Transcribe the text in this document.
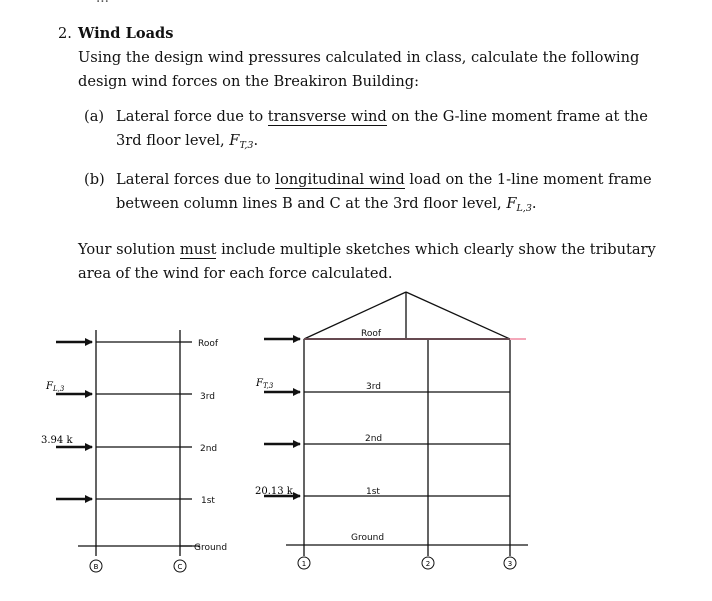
2. Wind Loads
Using the design wind pressures calculated in class, calculate the following design wind forces on the Breakiron Building:
(a) Lateral force due to transverse wind on the G-line moment frame at the 3rd floor level, $F_{T,3}$.
(b) Lateral forces due to longitudinal wind load on the 1-line moment frame between column lines B and C at the 3rd floor level, $F_{L,3}$.
Your solution must include multiple sketches which clearly show the tributary area of the wind for each force calculated.
Roof
3rd
2nd
1st
Ground
$F_{L,3}$
3.94 k
B	C
Roof
3rd
2nd
1st
Ground
$F_{T,3}$
20.13 k
1	2	3
